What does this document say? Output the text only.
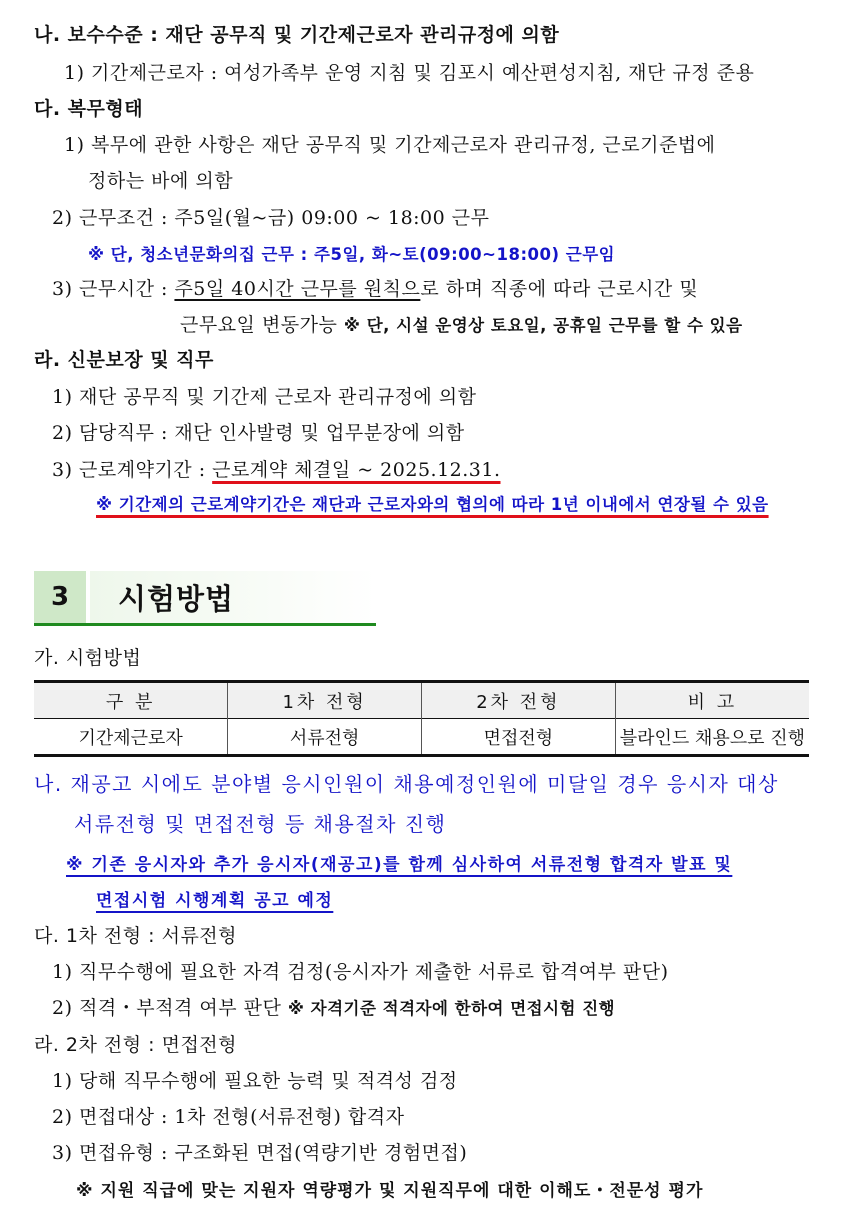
나. 보수수준 : 재단 공무직 및 기간제근로자 관리규정에 의함
1) 기간제근로자 : 여성가족부 운영 지침 및 김포시 예산편성지침, 재단 규정 준용
다. 복무형태
1) 복무에 관한 사항은 재단 공무직 및 기간제근로자 관리규정, 근로기준법에
정하는 바에 의함
2) 근무조건 : 주5일(월~금) 09:00 ~ 18:00 근무
※ 단, 청소년문화의집 근무 : 주5일, 화~토(09:00~18:00) 근무임
3) 근무시간 : 주5일 40시간 근무를 원칙으로 하며 직종에 따라 근로시간 및
근무요일 변동가능 ※ 단, 시설 운영상 토요일, 공휴일 근무를 할 수 있음
라. 신분보장 및 직무
1) 재단 공무직 및 기간제 근로자 관리규정에 의함
2) 담당직무 : 재단 인사발령 및 업무분장에 의함
3) 근로계약기간 : 근로계약 체결일 ~ 2025.12.31.
※ 기간제의 근로계약기간은 재단과 근로자와의 협의에 따라 1년 이내에서 연장될 수 있음
3	시험방법
가. 시험방법
구 분	1차 전형	2차 전형	비 고
기간제근로자	서류전형	면접전형	블라인드 채용으로 진행
나. 재공고 시에도 분야별 응시인원이 채용예정인원에 미달일 경우 응시자 대상
서류전형 및 면접전형 등 채용절차 진행
※ 기존 응시자와 추가 응시자(재공고)를 함께 심사하여 서류전형 합격자 발표 및
면접시험 시행계획 공고 예정
다. 1차 전형 : 서류전형
1) 직무수행에 필요한 자격 검정(응시자가 제출한 서류로 합격여부 판단)
2) 적격・부적격 여부 판단 ※ 자격기준 적격자에 한하여 면접시험 진행
라. 2차 전형 : 면접전형
1) 당해 직무수행에 필요한 능력 및 적격성 검정
2) 면접대상 : 1차 전형(서류전형) 합격자
3) 면접유형 : 구조화된 면접(역량기반 경험면접)
※ 지원 직급에 맞는 지원자 역량평가 및 지원직무에 대한 이해도・전문성 평가
